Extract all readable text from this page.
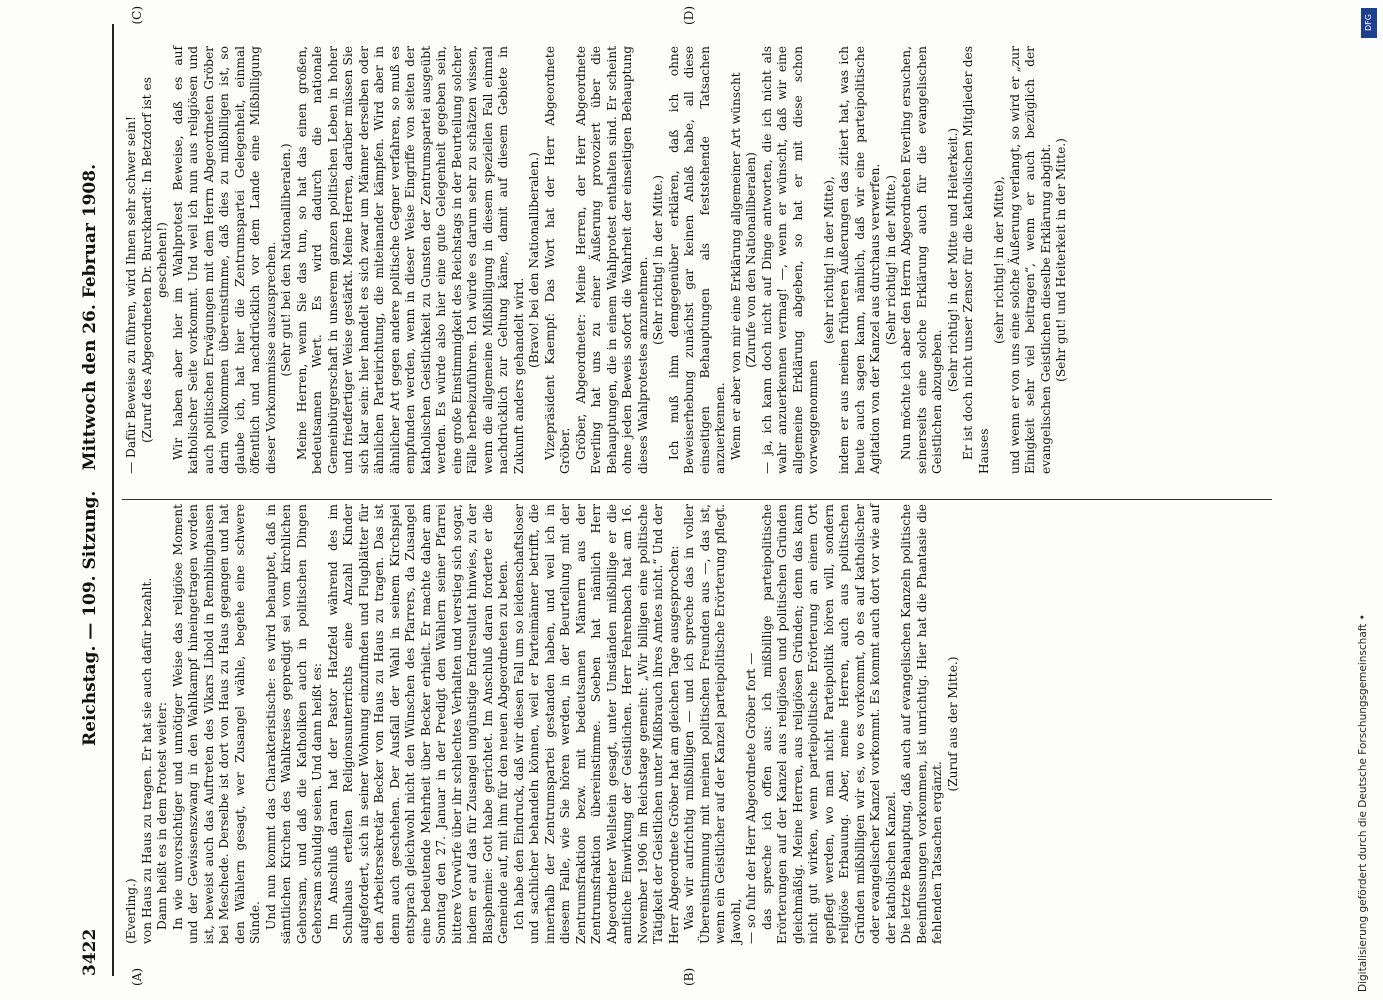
3422
Reichstag. — 109. Sitzung.
Mittwoch den 26. Februar 1908.
(A)	(B)
(C)	(D)

(Everling.) von Haus zu Haus zu tragen. Er hat sie auch dafür bezahlt. Dann heißt es in dem Protest weiter: In wie unvorsichtiger und unnötiger Weise das religiöse Moment und der Gewissenszwang in den Wahlkampf hineingetragen worden ist, beweist auch das Auftreten des Vikars Libold in Remblinghausen bei Meschede. Derselbe ist dort von Haus zu Haus gegangen und hat den Wählern gesagt, wer Zusangel wähle, begehe eine schwere Sünde. Und nun kommt das Charakteristische: es wird behauptet, daß in sämtlichen Kirchen des Wahlkreises gepredigt sei vom kirchlichen Gehorsam, und daß die Katholiken auch in politischen Dingen Gehorsam schuldig seien. Und dann heißt es: Im Anschluß daran hat der Pastor Hatzfeld während des im Schulhaus erteilten Religionsunterrichts eine Anzahl Kinder aufgefordert, sich in seiner Wohnung einzufinden und Flugblätter für den Arbeitersekretär Becker von Haus zu Haus zu tragen. Das ist denn auch geschehen. Der Ausfall der Wahl in seinem Kirchspiel entsprach gleichwohl nicht den Wünschen des Pfarrers, da Zusangel eine bedeutende Mehrheit über Becker erhielt. Er machte daher am Sonntag den 27. Januar in der Predigt den Wählern seiner Pfarrei bittere Vorwürfe über ihr schlechtes Verhalten und verstieg sich sogar, indem er auf das für Zusangel ungünstige Endresultat hinwies, zu der Blasphemie: Gott habe gerichtet. Im Anschluß daran forderte er die Gemeinde auf, mit ihm für den neuen Abgeordneten zu beten. Ich habe den Eindruck, daß wir diesen Fall um so leidenschaftsloser und sachlicher behandeln können, weil er Parteimänner betrifft, die innerhalb der Zentrumspartei gestanden haben, und weil ich in diesem Falle, wie Sie hören werden, in der Beurteilung mit der Zentrumsfraktion bezw. mit bedeutsamen Männern aus der Zentrumsfraktion übereinstimme. Soeben hat nämlich Herr Abgeordneter Wellstein gesagt, unter Umständen mißbillige er die amtliche Einwirkung der Geistlichen. Herr Fehrenbach hat am 16. November 1906 im Reichstage gemeint: „Wir billigen eine politische Tätigkeit der Geistlichen unter Mißbrauch ihres Amtes nicht.“ Und der Herr Abgeordnete Gröber hat am gleichen Tage ausgesprochen: Was wir aufrichtig mißbilligen — und ich spreche das in voller Übereinstimmung mit meinen politischen Freunden aus —, das ist, wenn ein Geistlicher auf der Kanzel parteipolitische Erörterung pflegt. Jawohl, — so fuhr der Herr Abgeordnete Gröber fort — das spreche ich offen aus: ich mißbillige parteipolitische Erörterungen auf der Kanzel aus religiösen und politischen Gründen gleichmäßig. Meine Herren, aus religiösen Gründen; denn das kann nicht gut wirken, wenn parteipolitische Erörterung an einem Ort gepflegt werden, wo man nicht Parteipolitik hören will, sondern religiöse Erbauung. Aber, meine Herren, auch aus politischen Gründen mißbilligen wir es, wo es vorkommt, ob es auf katholischer oder evangelischer Kanzel vorkommt. Es kommt auch dort vor wie auf der katholischen Kanzel. Die letzte Behauptung, daß auch auf evangelischen Kanzeln politische Beeinflussungen vorkommen, ist unrichtig. Hier hat die Phantasie die fehlenden Tatsachen ergänzt.

(Zuruf aus der Mitte.)

— Dafür Beweise zu führen, wird Ihnen sehr schwer sein! (Zuruf des Abgeordneten Dr. Burckhardt: In Betzdorf ist es geschehen!) Wir haben aber hier im Wahlprotest Beweise, daß es auf katholischer Seite vorkommt. Und weil ich nun aus religiösen und auch politischen Erwägungen mit dem Herrn Abgeordneten Gröber darin vollkommen übereinstimme, daß dies zu mißbilligen ist, so glaube ich, hat hier die Zentrumspartei Gelegenheit, einmal öffentlich und nachdrücklich vor dem Lande eine Mißbilligung dieser Vorkommnisse auszusprechen. (Sehr gut! bei den Nationalliberalen.) Meine Herren, wenn Sie das tun, so hat das einen großen, bedeutsamen Wert. Es wird dadurch die nationale Gemeinbürgerschaft in unserem ganzen politischen Leben in hoher und friedfertiger Weise gestärkt. Meine Herren, darüber müssen Sie sich klar sein: hier handelt es sich zwar um Männer derselben oder ähnlichen Parteirichtung, die miteinander kämpfen. Wird aber in ähnlicher Art gegen andere politische Gegner verfahren, so muß es empfunden werden, wenn in dieser Weise Eingriffe von seiten der katholischen Geistlichkeit zu Gunsten der Zentrumspartei ausgeübt werden. Es würde also hier eine gute Gelegenheit gegeben sein, eine große Einstimmigkeit des Reichstags in der Beurteilung solcher Fälle herbeizuführen. Ich würde es darum sehr zu schätzen wissen, wenn die allgemeine Mißbilligung in diesem speziellen Fall einmal nachdrücklich zur Geltung käme, damit auf diesem Gebiete in Zukunft anders gehandelt wird.

(Bravo! bei den Nationalliberalen.) Vizepräsident Kaempf: Das Wort hat der Herr Abgeordnete Gröber. Gröber, Abgeordneter: Meine Herren, der Herr Abgeordnete Everling hat uns zu einer Äußerung provoziert über die Behauptungen, die in einem Wahlprotest enthalten sind. Er scheint ohne jeden Beweis sofort die Wahrheit der einseitigen Behauptung dieses Wahlprotestes anzunehmen. (Sehr richtig! in der Mitte.) Ich muß ihm demgegenüber erklären, daß ich ohne Beweiserhebung zunächst gar keinen Anlaß habe, all diese einseitigen Behauptungen als feststehende Tatsachen anzuerkennen. Wenn er aber von mir eine Erklärung allgemeiner Art wünscht (Zurufe von den Nationalliberalen) — ja, ich kann doch nicht auf Dinge antworten, die ich nicht als wahr anzuerkennen vermag! —, wenn er wünscht, daß wir eine allgemeine Erklärung abgeben, so hat er mit diese schon vorweggenommen

(sehr richtig! in der Mitte), indem er aus meinen früheren Äußerungen das zitiert hat, was ich heute auch sagen kann, nämlich, daß wir eine parteipolitische Agitation von der Kanzel aus durchaus verwerfen. (Sehr richtig! in der Mitte.) Nun möchte ich aber den Herrn Abgeordneten Everling ersuchen, seinerseits eine solche Erklärung auch für die evangelischen Geistlichen abzugeben.

(Sehr richtig! in der Mitte und Heiterkeit.) Er ist doch nicht unser Zensor für die katholischen Mitglieder des Hauses

(sehr richtig! in der Mitte), und wenn er von uns eine solche Äußerung verlangt, so wird er „zur Einigkeit sehr viel beitragen“, wenn er auch bezüglich der evangelischen Geistlichen dieselbe Erklärung abgibt. (Sehr gut! und Heiterkeit in der Mitte.)

Digitalisierung gefördert durch die Deutsche Forschungsgemeinschaft •
DFG
